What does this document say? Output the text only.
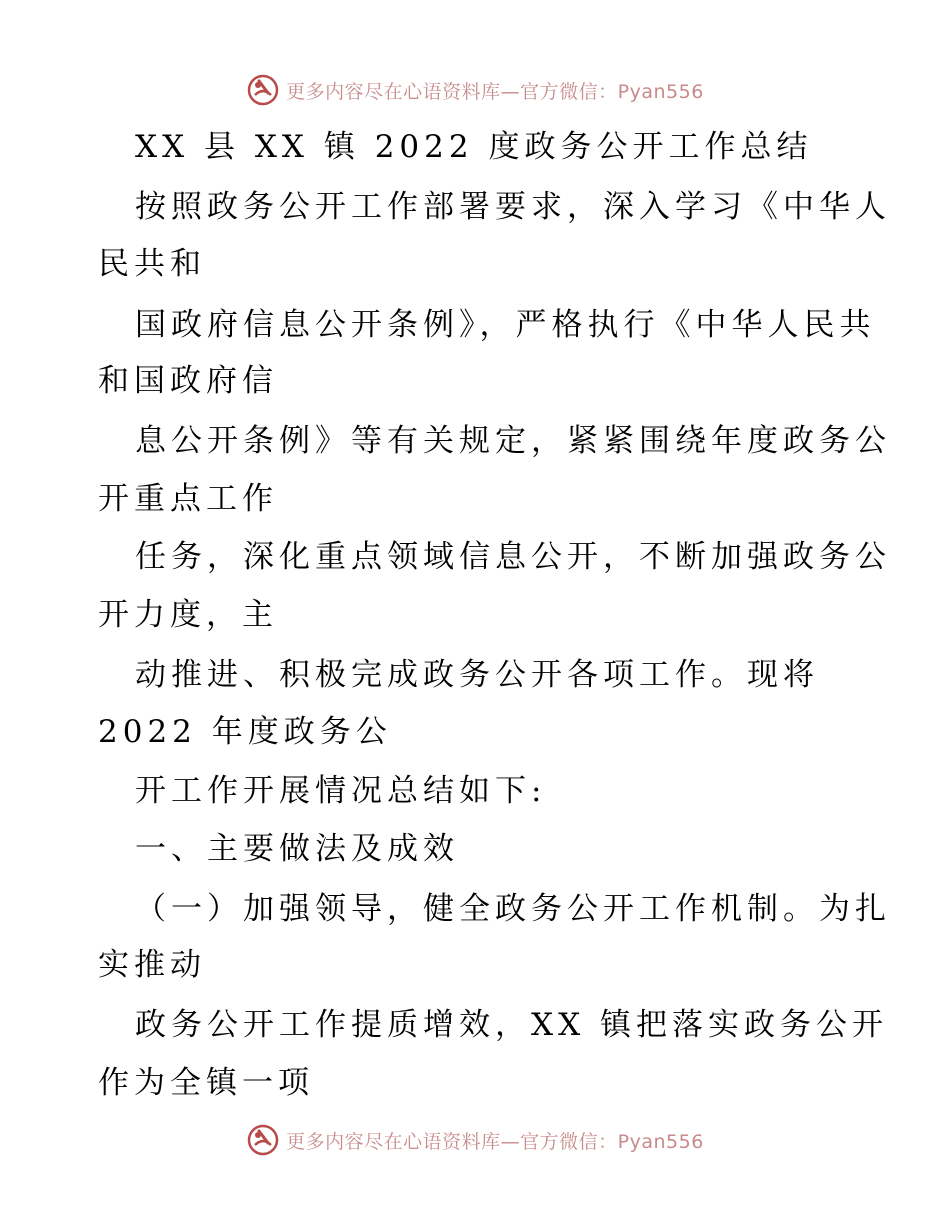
更多内容尽在心语资料库—官方微信：Pyan556
XX 县 XX 镇 2022 度政务公开工作总结
按照政务公开工作部署要求，深入学习《中华人
民共和
国政府信息公开条例》，严格执行《中华人民共
和国政府信
息公开条例》等有关规定，紧紧围绕年度政务公
开重点工作
任务，深化重点领域信息公开，不断加强政务公
开力度，主
动推进、积极完成政务公开各项工作。现将
2022 年度政务公
开工作开展情况总结如下:
一、主要做法及成效
（一）加强领导，健全政务公开工作机制。为扎
实推动
政务公开工作提质增效，XX 镇把落实政务公开
作为全镇一项
更多内容尽在心语资料库—官方微信：Pyan556
